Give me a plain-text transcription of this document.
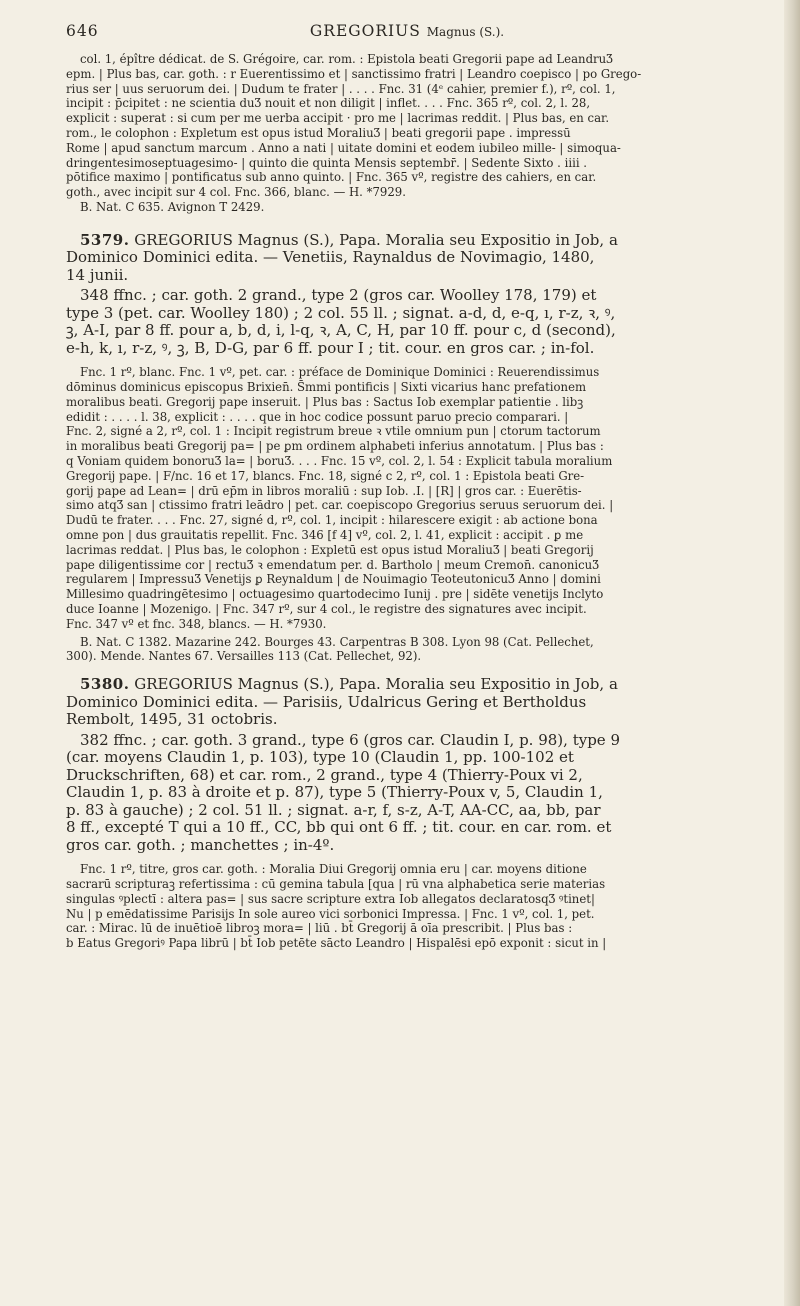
646	GREGORIUS Magnus (S.).
col. 1, épître dédicat. de S. Grégoire, car. rom. : Epistola beati Gregorii pape ad LeandruƷ
epm. | Plus bas, car. goth. : r Euerentissimo et | sanctissimo fratri | Leandro coepisco | po Grego-
rius ser | uus seruorum dei. | Dudum te frater | . . . . Fnc. 31 (4ᵉ cahier, premier f.), rº, col. 1,
incipit : p̄cipitet : ne scientia duƷ nouit et non diligit | inflet. . . . Fnc. 365 rº, col. 2, l. 28,
explicit : superat : si cum per me uerba accipit · pro me | lacrimas reddit. | Plus bas, en car.
rom., le colophon : Expletum est opus istud MoraliuƷ | beati gregorii pape . impressū
Rome | apud sanctum marcum . Anno a nati | uitate domini et eodem iubileo mille- | simoqua-
dringentesimoseptuagesimo- | quinto die quinta Mensis septembr̄. | Sedente Sixto . iiii .
pōtifice maximo | pontificatus sub anno quinto. | Fnc. 365 vº, registre des cahiers, en car.
goth., avec incipit sur 4 col. Fnc. 366, blanc. — H. *7929.
B. Nat. C 635. Avignon T 2429.
5379. GREGORIUS Magnus (S.), Papa. Moralia seu Expositio in Job, a
Dominico Dominici edita. — Venetiis, Raynaldus de Novimagio, 1480,
14 junii.
348 ffnc. ; car. goth. 2 grand., type 2 (gros car. Woolley 178, 179) et
type 3 (pet. car. Woolley 180) ; 2 col. 55 ll. ; signat. a-d, d, e-q, ı, r-z, ꝛ, ꝰ,
ꝫ, A-I, par 8 ff. pour a, b, d, i, l-q, ꝛ, A, C, H, par 10 ff. pour c, d (second),
e-h, k, ı, r-z, ꝰ, ꝫ, B, D-G, par 6 ff. pour I ; tit. cour. en gros car. ; in-fol.
Fnc. 1 rº, blanc. Fnc. 1 vº, pet. car. : préface de Dominique Dominici : Reuerendissimus
dōminus dominicus episcopus Brixien̄. S̄mmi pontificis | Sixti vicarius hanc prefationem
moralibus beati. Gregorij pape inseruit. | Plus bas : Sactus Iob exemplar patientie . libꝫ
edidit : . . . . l. 38, explicit : . . . . que in hoc codice possunt paruo precio comparari. |
Fnc. 2, signé a 2, rº, col. 1 : Incipit registrum breue ꝛ vtile omnium pun | ctorum tactorum
in moralibus beati Gregorij pa= | pe ꝑm ordinem alphabeti inferius annotatum. | Plus bas :
q Voniam quidem bonoruƷ la= | boruƷ. . . . Fnc. 15 vº, col. 2, l. 54 : Explicit tabula moralium
Gregorij pape. | F/nc. 16 et 17, blancs. Fnc. 18, signé c 2, rº, col. 1 : Epistola beati Gre-
gorij pape ad Lean= | drū ep̄m in libros moraliū : sup Iob. .I. | [R] | gros car. : Euerētis-
simo atqƷ san | ctissimo fratri leādro | pet. car. coepiscopo Gregorius seruus seruorum dei. |
Dudū te frater. . . . Fnc. 27, signé d, rº, col. 1, incipit : hilarescere exigit : ab actione bona
omne pon | dus grauitatis repellit. Fnc. 346 [f 4] vº, col. 2, l. 41, explicit : accipit . ꝑ me
lacrimas reddat. | Plus bas, le colophon : Expletū est opus istud MoraliuƷ | beati Gregorij
pape diligentissime cor | rectuƷ ꝛ emendatum per. d. Bartholo | meum Cremon̄. canonicuƷ
regularem | ImpressuƷ Venetijs ꝑ Reynaldum | de Nouimagio TeoteutonicuƷ Anno | domini
Millesimo quadringētesimo | octuagesimo quartodecimo Iunij . pre | sidēte venetijs Inclyto
duce Ioanne | Mozenigo. | Fnc. 347 rº, sur 4 col., le registre des signatures avec incipit.
Fnc. 347 vº et fnc. 348, blancs. — H. *7930.
B. Nat. C 1382. Mazarine 242. Bourges 43. Carpentras B 308. Lyon 98 (Cat. Pellechet,
300). Mende. Nantes 67. Versailles 113 (Cat. Pellechet, 92).
5380. GREGORIUS Magnus (S.), Papa. Moralia seu Expositio in Job, a
Dominico Dominici edita. — Parisiis, Udalricus Gering et Bertholdus
Rembolt, 1495, 31 octobris.
382 ffnc. ; car. goth. 3 grand., type 6 (gros car. Claudin I, p. 98), type 9
(car. moyens Claudin 1, p. 103), type 10 (Claudin 1, pp. 100-102 et
Druckschriften, 68) et car. rom., 2 grand., type 4 (Thierry-Poux vi 2,
Claudin 1, p. 83 à droite et p. 87), type 5 (Thierry-Poux v, 5, Claudin 1,
p. 83 à gauche) ; 2 col. 51 ll. ; signat. a-r, f, s-z, A-T, AA-CC, aa, bb, par
8 ff., excepté T qui a 10 ff., CC, bb qui ont 6 ff. ; tit. cour. en car. rom. et
gros car. goth. ; manchettes ; in-4º.
Fnc. 1 rº, titre, gros car. goth. : Moralia Diui Gregorij omnia eru | car. moyens ditione
sacrarū scripturaꝫ refertissima : cū gemina tabula [qua | rū vna alphabetica serie materias
singulas ꝰplectī : altera pas= | sus sacre scripture extra Iob allegatos declaratosqƷ ꝰtinet|
Nu | p emēdatissime Parisijs In sole aureo vici sorbonici Impressa. | Fnc. 1 vº, col. 1, pet.
car. : Mirac. lū de inuētioē libroꝫ mora= | liū . bt̄ Gregorij ā oīa prescribit. | Plus bas :
b Eatus Gregoriꝰ Papa librū | bt̄ Iob petēte sācto Leandro | Hispalēsi epō exponit : sicut in |
